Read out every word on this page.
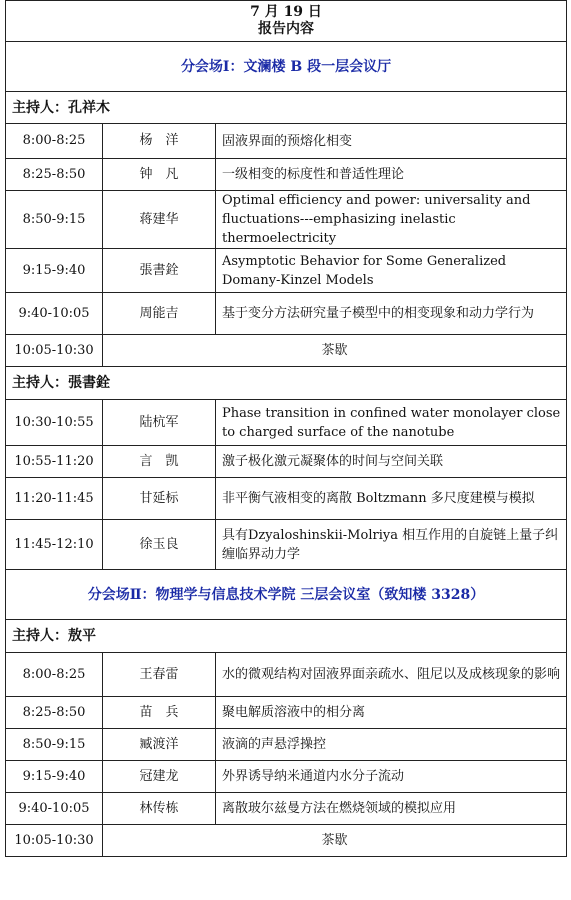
7 月 19 日
报告内容		

分会场Ⅰ：文澜楼 B 段一层会议厅		
主持人：孔祥木		
8:00-8:25	杨　洋	固液界面的预熔化相变
8:25-8:50	钟　凡	一级相变的标度性和普适性理论
8:50-9:15	蒋建华	Optimal efficiency and power: universality and fluctuations---emphasizing inelastic thermoelectricity
9:15-9:40	張書銓	Asymptotic Behavior for Some Generalized Domany-Kinzel Models
9:40-10:05	周能吉	基于变分方法研究量子模型中的相变现象和动力学行为
10:05-10:30	茶歇	
主持人：張書銓		
10:30-10:55	陆杭军	Phase transition in confined water monolayer close to charged surface of the nanotube
10:55-11:20	言　凯	激子极化激元凝聚体的时间与空间关联
11:20-11:45	甘延标	非平衡气液相变的离散 Boltzmann 多尺度建模与模拟
11:45-12:10	徐玉良	具有Dzyaloshinskii-Molriya 相互作用的自旋链上量子纠缠临界动力学
分会场Ⅱ：物理学与信息技术学院 三层会议室（致知楼 3328）		
主持人：敖平		
8:00-8:25	王春雷	水的微观结构对固液界面亲疏水、阻尼以及成核现象的影响
8:25-8:50	苗　兵	聚电解质溶液中的相分离
8:50-9:15	臧渡洋	液滴的声悬浮操控
9:15-9:40	冠建龙	外界诱导纳米通道内水分子流动
9:40-10:05	林传栋	离散玻尔兹曼方法在燃烧领域的模拟应用
10:05-10:30	茶歇	
